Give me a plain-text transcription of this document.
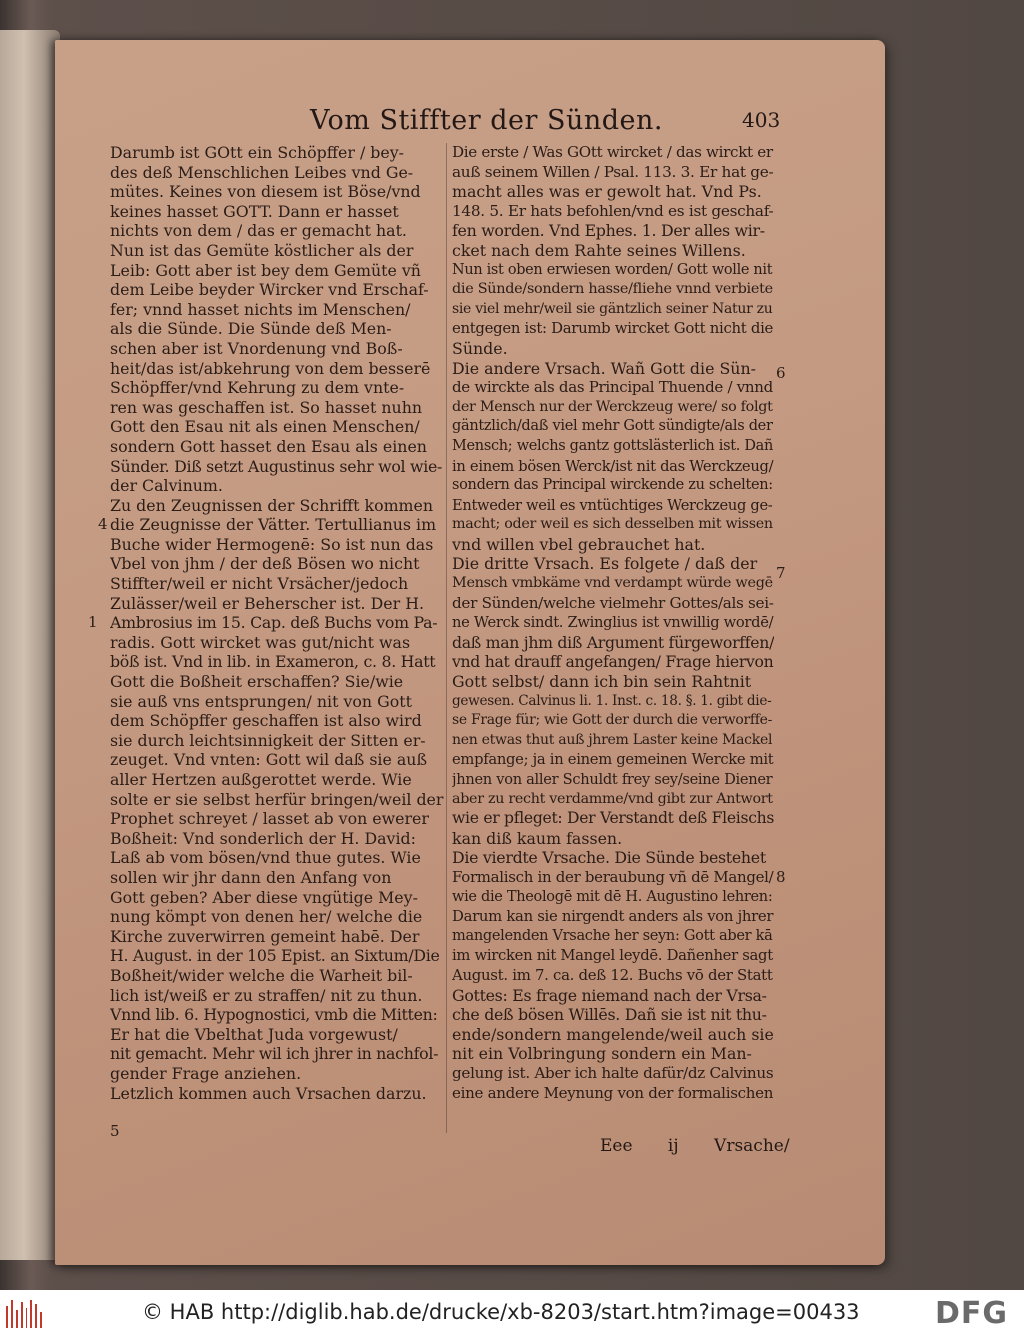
Vom Stiffter der Sünden.	403
Darumb ist GOtt ein Schöpffer / bey-
des deß Menschlichen Leibes vnd Ge-
mütes. Keines von diesem ist Böse/vnd
keines hasset GOTT. Dann er hasset
nichts von dem / das er gemacht hat.
Nun ist das Gemüte köstlicher als der
Leib: Gott aber ist bey dem Gemüte vñ
dem Leibe beyder Wircker vnd Erschaf-
fer; vnnd hasset nichts im Menschen/
als die Sünde. Die Sünde deß Men-
schen aber ist Vnordenung vnd Boß-
heit/das ist/abkehrung von dem besserē
Schöpffer/vnd Kehrung zu dem vnte-
ren was geschaffen ist. So hasset nuhn
Gott den Esau nit als einen Menschen/
sondern Gott hasset den Esau als einen
Sünder. Diß setzt Augustinus sehr wol wie-
der Calvinum.
Zu den Zeugnissen der Schrifft kommen
die Zeugnisse der Vätter. Tertullianus im
Buche wider Hermogenē: So ist nun das
Vbel von jhm / der deß Bösen wo nicht
Stiffter/weil er nicht Vrsächer/jedoch
Zulässer/weil er Beherscher ist. Der H.
Ambrosius im 15. Cap. deß Buchs vom Pa-
radis. Gott wircket was gut/nicht was
böß ist. Vnd in lib. in Exameron, c. 8. Hatt
Gott die Boßheit erschaffen? Sie/wie
sie auß vns entsprungen/ nit von Gott
dem Schöpffer geschaffen ist also wird
sie durch leichtsinnigkeit der Sitten er-
zeuget. Vnd vnten: Gott wil daß sie auß
aller Hertzen außgerottet werde. Wie
solte er sie selbst herfür bringen/weil der
Prophet schreyet / lasset ab von ewerer
Boßheit: Vnd sonderlich der H. David:
Laß ab vom bösen/vnd thue gutes. Wie
sollen wir jhr dann den Anfang von
Gott geben? Aber diese vngütige Mey-
nung kömpt von denen her/ welche die
Kirche zuverwirren gemeint habē. Der
H. August. in der 105 Epist. an Sixtum/Die
Boßheit/wider welche die Warheit bil-
lich ist/weiß er zu straffen/ nit zu thun.
Vnnd lib. 6. Hypognostici, vmb die Mitten:
Er hat die Vbelthat Juda vorgewust/
nit gemacht. Mehr wil ich jhrer in nachfol-
gender Frage anziehen.
Letzlich kommen auch Vrsachen darzu.
Die erste / Was GOtt wircket / das wirckt er
auß seinem Willen / Psal. 113. 3. Er hat ge-
macht alles was er gewolt hat. Vnd Ps.
148. 5. Er hats befohlen/vnd es ist geschaf-
fen worden. Vnd Ephes. 1. Der alles wir-
cket nach dem Rahte seines Willens.
Nun ist oben erwiesen worden/ Gott wolle nit
die Sünde/sondern hasse/fliehe vnnd verbiete
sie viel mehr/weil sie gäntzlich seiner Natur zu
entgegen ist: Darumb wircket Gott nicht die
Sünde.
Die andere Vrsach. Wañ Gott die Sün-
de wirckte als das Principal Thuende / vnnd
der Mensch nur der Werckzeug were/ so folgt
gäntzlich/daß viel mehr Gott sündigte/als der
Mensch; welchs gantz gottslästerlich ist. Dañ
in einem bösen Werck/ist nit das Werckzeug/
sondern das Principal wirckende zu schelten:
Entweder weil es vntüchtiges Werckzeug ge-
macht; oder weil es sich desselben mit wissen
vnd willen vbel gebrauchet hat.
Die dritte Vrsach. Es folgete / daß der
Mensch vmbkäme vnd verdampt würde wegē
der Sünden/welche vielmehr Gottes/als sei-
ne Werck sindt. Zwinglius ist vnwillig wordē/
daß man jhm diß Argument fürgeworffen/
vnd hat drauff angefangen/ Frage hiervon
Gott selbst/ dann ich bin sein Rahtnit
gewesen. Calvinus li. 1. Inst. c. 18. §. 1. gibt die-
se Frage für; wie Gott der durch die verworffe-
nen etwas thut auß jhrem Laster keine Mackel
empfange; ja in einem gemeinen Wercke mit
jhnen von aller Schuldt frey sey/seine Diener
aber zu recht verdamme/vnd gibt zur Antwort
wie er pfleget: Der Verstandt deß Fleischs
kan diß kaum fassen.
Die vierdte Vrsache. Die Sünde bestehet
Formalisch in der beraubung vñ dē Mangel/
wie die Theologē mit dē H. Augustino lehren:
Darum kan sie nirgendt anders als von jhrer
mangelenden Vrsache her seyn: Gott aber kā
im wircken nit Mangel leydē. Dañenher sagt
August. im 7. ca. deß 12. Buchs vō der Statt
Gottes: Es frage niemand nach der Vrsa-
che deß bösen Willēs. Dañ sie ist nit thu-
ende/sondern mangelende/weil auch sie
nit ein Volbringung sondern ein Man-
gelung ist. Aber ich halte dafür/dz Calvinus
eine andere Meynung von der formalischen
4
1
5
6
7
8
Eee ij Vrsache/
© HAB http://diglib.hab.de/drucke/xb-8203/start.htm?image=00433	DFG
